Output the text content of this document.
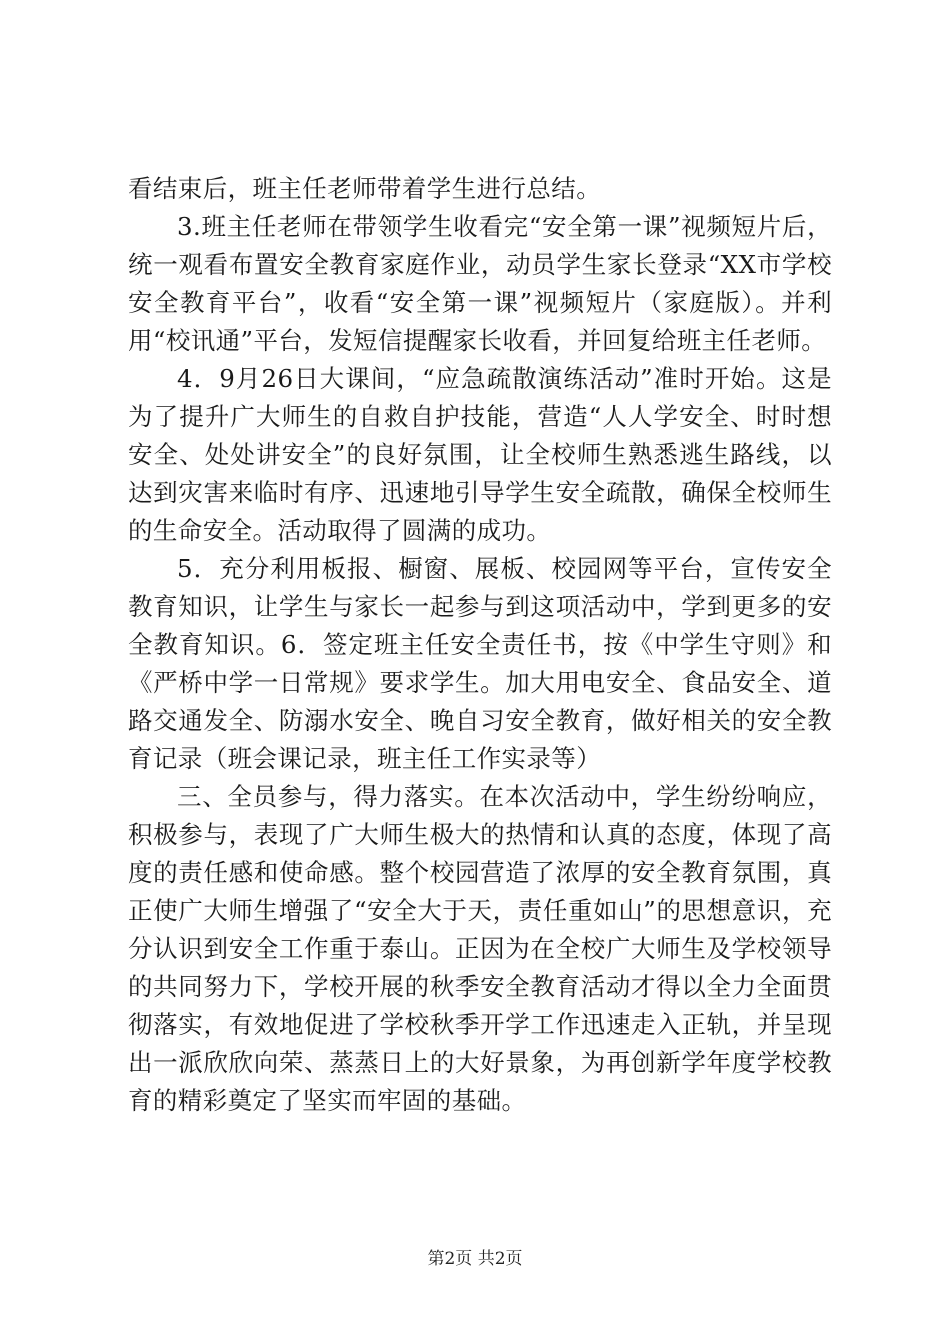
看结束后，班主任老师带着学生进行总结。

3.班主任老师在带领学生收看完“安全第一课”视频短片后，统一观看布置安全教育家庭作业，动员学生家长登录“XX市学校安全教育平台”，收看“安全第一课”视频短片（家庭版）。并利用“校讯通”平台，发短信提醒家长收看，并回复给班主任老师。

4．9月26日大课间，“应急疏散演练活动”准时开始。这是为了提升广大师生的自救自护技能，营造“人人学安全、时时想安全、处处讲安全”的良好氛围，让全校师生熟悉逃生路线，以达到灾害来临时有序、迅速地引导学生安全疏散，确保全校师生的生命安全。活动取得了圆满的成功。

5．充分利用板报、橱窗、展板、校园网等平台，宣传安全教育知识，让学生与家长一起参与到这项活动中，学到更多的安全教育知识。6．签定班主任安全责任书，按《中学生守则》和《严桥中学一日常规》要求学生。加大用电安全、食品安全、道路交通发全、防溺水安全、晚自习安全教育，做好相关的安全教育记录（班会课记录，班主任工作实录等）

三、全员参与，得力落实。在本次活动中，学生纷纷响应，积极参与，表现了广大师生极大的热情和认真的态度，体现了高度的责任感和使命感。整个校园营造了浓厚的安全教育氛围，真正使广大师生增强了“安全大于天，责任重如山”的思想意识，充分认识到安全工作重于泰山。正因为在全校广大师生及学校领导的共同努力下，学校开展的秋季安全教育活动才得以全力全面贯彻落实，有效地促进了学校秋季开学工作迅速走入正轨，并呈现出一派欣欣向荣、蒸蒸日上的大好景象，为再创新学年度学校教育的精彩奠定了坚实而牢固的基础。

第2页 共2页
